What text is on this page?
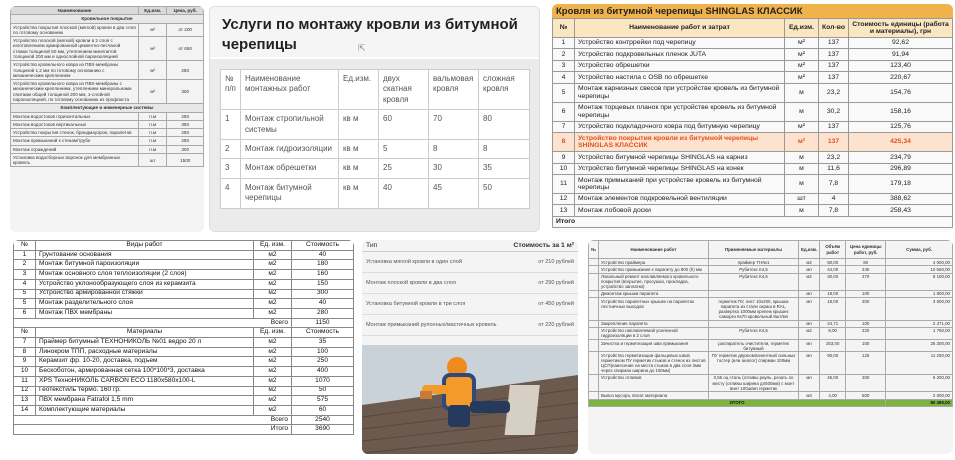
Наименование	Ед.изм.	Цена, руб.
Кровельное покрытие		
Устройство покрытия плоской (мягкой) кровли в два слоя по готовому основанию	м²	от 200
Устройство плоской (мягкой) кровли в 2 слоя с изготовлением армированной цементно-песчаной стяжки толщиной 50 мм, утеплением минплитой толщиной 200 мм и однослойной пароизоляцией	м²	от 650
Устройство кровельного ковра из ПВХ-мембраны толщиной 1,2 мм по готовому основанию с механическим креплением	м²	250
Устройство кровельного ковра из ПВХ-мембраны с механическим креплением, утеплением минеральнами плитами общей толщиной 200 мм, 1-слойной пароизоляцией, по готовому основанию из профлиста	м²	300
Комплектующие и инженерные системы		
Монтаж водостоков горизонтальных	п.м	250
Монтаж водостоков вертикальных	п.м	350
Устройство покрытия стенок, брандмауэров, парапетов	п.м	250
Монтаж примыканий к стенам/трубе	п.м	250
Монтаж ограждений	п.м	300
Установка водосборных воронок для мембранных кровель	шт	1500
Услуги по монтажу кровли из битумной черепицы	⇱
№ п/п	Наименование монтажных работ	Ед.изм.	двух скатная кровля	вальмовая кровля	сложная кровля
1	Монтаж стропильной системы	кв м	60	70	80
2	Монтаж гидроизоляции	кв м	5	8	8
3	Монтаж обрешетки	кв м	25	30	35
4	Монтаж битумной черепицы	кв м	40	45	50
Кровля из битумной черепицы SHINGLAS КЛАССИК
№	Наименование работ и затрат	Ед.изм.	Кол-во	Стоимость единицы (работа и материалы), грн
1	Устройство контррейки под черепицу	м²	137	92,62
2	Устройство подкровельных пленок JUTA	м²	137	91,94
3	Устройство обрешетки	м²	137	123,40
4	Устройство настила с OSB по обрешетке	м²	137	220,67
5	Монтаж карнизных свесов при устройстве кровель из битумной черепицы	м	23,2	154,76
6	Монтаж торцевых планок при устройстве кровель из битумной черепицы	м	30,2	158,16
7	Устройство подкладочного ковра под битумную черепицу	м²	137	125,76
8	Устройство покрытия кровли из битумной черепицы SHINGLAS КЛАССИК	м²	137	425,34
9	Устройство битумной черепицы SHINGLAS на карниз	м	23,2	234,79
10	Устройство битумной черепицы SHINGLAS на конек	м	11,6	296,89
11	Монтаж примыканий при устройстве кровель из битумной черепицы	м	7,8	179,18
12	Монтаж элементов подкровельной вентиляции	шт	4	388,62
13	Монтаж лобовой доски	м	7,8	258,43
Итого				
№	Виды работ	Ед. изм.	Стоимость
1	Грунтование основания	м2	40
2	Монтаж битумной пароизоляции	м2	180
3	Монтаж основного слоя теплоизоляции (2 слоя)	м2	160
4	Устройство уклонообразующего слоя из керамзита	м2	150
5	Устройство армированной стяжки	м2	300
5	Монтаж разделительного слоя	м2	40
6	Монтаж ПВХ мембраны	м2	280
Всего			1150
№	Материалы	Ед. изм.	Стоимость
7	Праймер битумный ТЕХНОНИКОЛЬ №01 ведро 20 л	м2	35
8	Линокром ТПП, расходные материалы	м2	100
9	Керамзит фр. 10-20, доставка, подъем	м2	250
10	Бескоботон, армированная сетка 100*100*3, доставка	м2	400
11	XPS ТехноНИКОЛЬ CARBON ECO 1180х580х100-L	м2	1070
12	Геотекстиль термо. 160 гр.	м2	50
13	ПВХ мембрана Fatrafol 1,5 mm	м2	575
14	Комплектующие материалы	м2	60
Всего			2540
Итого			3690
Тип	Стоимость за 1 м²
Установка мягкой кровли в один слой	от 210 рублей
Монтаж плоской кровли в два слоя	от 290 рублей
Установка битумной кровли в три слоя	от 450 рублей
Монтаж примыканий рулонных/мастичных кровель	от 220 рублей
№	Наименование работ	Применяемые материалы	Ед.изм.	Объём работ	Цена единицы работ, руб.	Сумма, руб.
	Устройство праймера	праймер ТН№1	м2	50,00	80	4 000,00
	Устройство примыкания к парапету до 800 (h) мм	Рубитекс К4,5	мп	44,00	240	10 560,00
	Локальный ремонт наплавляемого кровельного покрытия (вскрытие, просушка, прокладка, устройство заплатки)	Рубитекс К4,5	м2	30,00	270	8 100,00
	Демонтаж крышки парапета		мп	18,00	100	1 800,00
	Устройство парапетных крышек на парапетах лестничных выходов	герметик ПУ, лист 10х200, крышка парапета из стали окраш в RAL, развертка 1000мм крепеж крышек саморез 6х70 кровельный 8шт/мп	мп	18,00	200	3 600,00
	Закрепление парапета		мп	24,71	100	2 471,00
	Устройство наплавляемой усиленной гидроизоляции в 2 слоя	Рубитекс К4,5	м2	8,00	220	1 760,00
	Зачистка и герметизация шва примыкания	распиратель очистители, герметик битумный	мп	253,00	100	25 300,00
	Устройство герметизации фальцевых швов герметиком ПУ герметик стыков и стенок из листов ЦСП(нанесение на места стыков в два слоя 3мм через спирман ширина до 150мм)	ПУ герметик двухкомпонентный сильных тостер (или аналог) спирман 100мм	мп	90,00	125	11 250,00
	Устройство отливов	0,55 оц сталь (отливы риуль, резать по месту (отливы ширина дл500мм) с монт винт 100ш/мп герметик	мп	46,00	200	9 200,00
	Вывоз мусора, вплат материала		м3	4,00	500	2 000,00
ИТОГО						80 485,00
